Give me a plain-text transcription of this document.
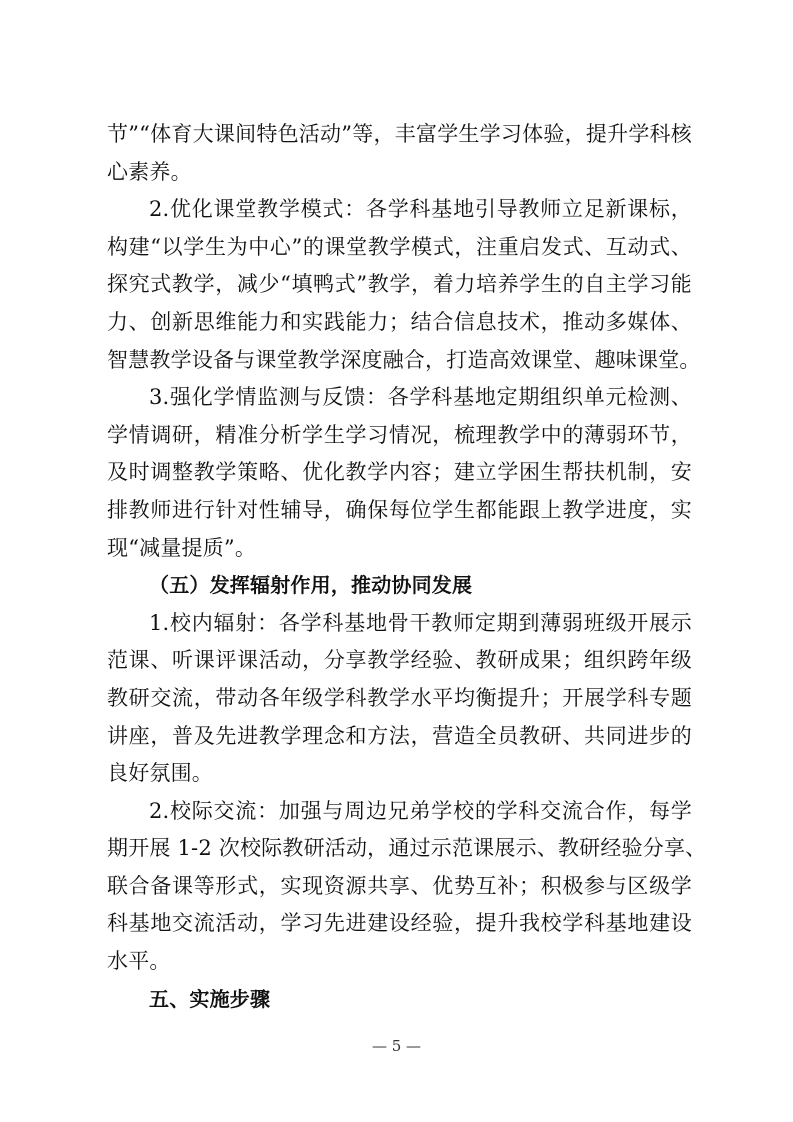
节”“体育大课间特色活动”等，丰富学生学习体验，提升学科核
心素养。
2.优化课堂教学模式：各学科基地引导教师立足新课标，
构建“以学生为中心”的课堂教学模式，注重启发式、互动式、
探究式教学，减少“填鸭式”教学，着力培养学生的自主学习能
力、创新思维能力和实践能力；结合信息技术，推动多媒体、
智慧教学设备与课堂教学深度融合，打造高效课堂、趣味课堂。
3.强化学情监测与反馈：各学科基地定期组织单元检测、
学情调研，精准分析学生学习情况，梳理教学中的薄弱环节，
及时调整教学策略、优化教学内容；建立学困生帮扶机制，安
排教师进行针对性辅导，确保每位学生都能跟上教学进度，实
现“减量提质”。
（五）发挥辐射作用，推动协同发展
1.校内辐射：各学科基地骨干教师定期到薄弱班级开展示
范课、听课评课活动，分享教学经验、教研成果；组织跨年级
教研交流，带动各年级学科教学水平均衡提升；开展学科专题
讲座，普及先进教学理念和方法，营造全员教研、共同进步的
良好氛围。
2.校际交流：加强与周边兄弟学校的学科交流合作，每学
期开展 1-2 次校际教研活动，通过示范课展示、教研经验分享、
联合备课等形式，实现资源共享、优势互补；积极参与区级学
科基地交流活动，学习先进建设经验，提升我校学科基地建设
水平。
五、实施步骤
— 5 —
